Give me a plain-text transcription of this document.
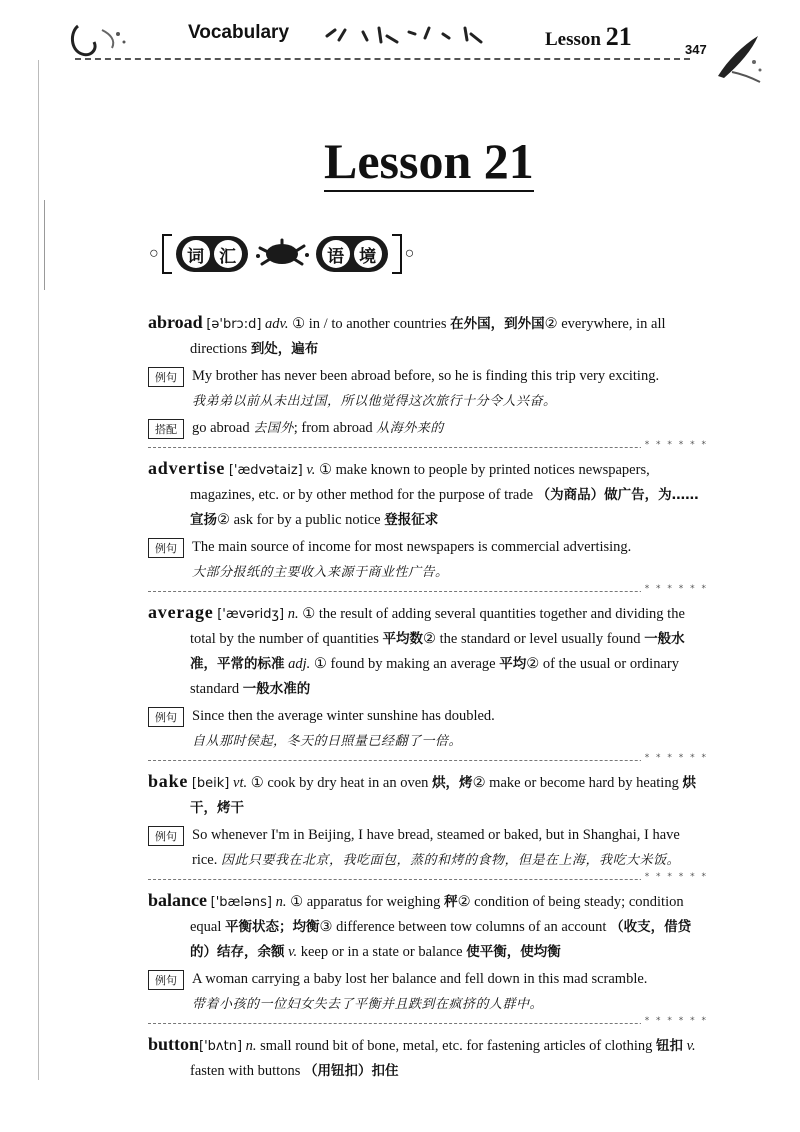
Vocabulary	Lesson 21	347
Lesson 21
○	词 汇	语 境	○

abroad [ə'brɔ:d] adv. ① in / to another countries 在外国，到外国② everywhere, in all directions 到处，遍布

例句	My brother has never been abroad before, so he is finding this trip very exciting.
我弟弟以前从未出过国，所以他觉得这次旅行十分令人兴奋。
搭配	go abroad 去国外; from abroad 从海外来的
* * * * * *

advertise ['ædvətaiz] v. ① make known to people by printed notices newspapers, magazines, etc. or by other method for the purpose of trade （为商品）做广告，为……宣扬② ask for by a public notice 登报征求

例句	The main source of income for most newspapers is commercial advertising.
大部分报纸的主要收入来源于商业性广告。
* * * * * *

average ['ævəridʒ] n. ① the result of adding several quantities together and dividing the total by the number of quantities 平均数② the standard or level usually found 一般水准，平常的标准 adj. ① found by making an average 平均② of the usual or ordinary standard 一般水准的

例句	Since then the average winter sunshine has doubled.
自从那时侯起，冬天的日照量已经翻了一倍。
* * * * * *

bake [beik] vt. ① cook by dry heat in an oven 烘，烤② make or become hard by heating 烘干，烤干

例句	So whenever I'm in Beijing, I have bread, steamed or baked, but in Shanghai, I have rice. 因此只要我在北京，我吃面包，蒸的和烤的食物，但是在上海，我吃大米饭。
* * * * * *

balance ['bæləns] n. ① apparatus for weighing 秤② condition of being steady; condition equal 平衡状态；均衡③ difference between tow columns of an account （收支，借贷的）结存，余额 v. keep or in a state or balance 使平衡，使均衡

例句	A woman carrying a baby lost her balance and fell down in this mad scramble.
带着小孩的一位妇女失去了平衡并且跌到在疯挤的人群中。
* * * * * *

button['bʌtn] n. small round bit of bone, metal, etc. for fastening articles of clothing 钮扣 v. fasten with buttons （用钮扣）扣住
